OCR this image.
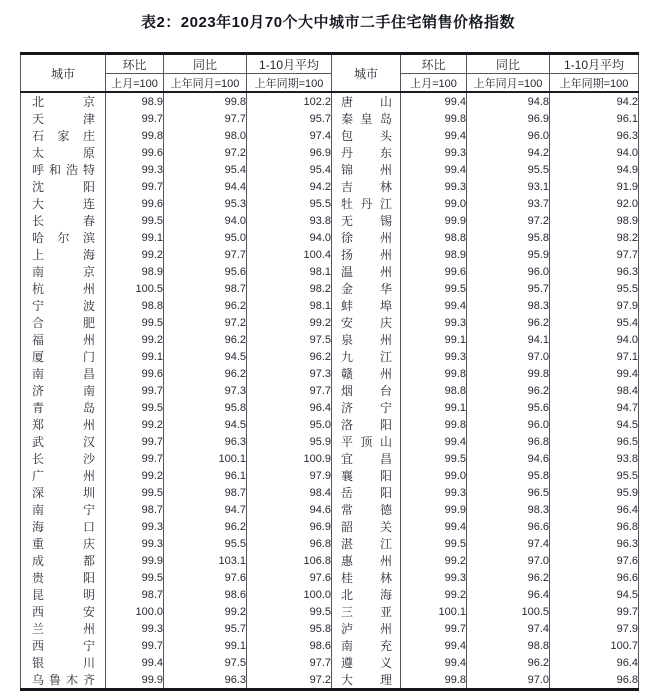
表2：2023年10月70个大中城市二手住宅销售价格指数
城市	环比	同比	1-10月平均	城市	环比	同比	1-10月平均
	上月=100	上年同月=100	上年同期=100		上月=100	上年同月=100	上年同期=100

北京	98.9	99.8	102.2	唐山	99.4	94.8	94.2

天津	99.7	97.7	95.7	秦皇岛	99.8	96.9	96.1

石家庄	99.8	98.0	97.4	包头	99.4	96.0	96.3

太原	99.6	97.2	96.9	丹东	99.3	94.2	94.0

呼和浩特	99.3	95.4	95.4	锦州	99.4	95.5	94.9

沈阳	99.7	94.4	94.2	吉林	99.3	93.1	91.9

大连	99.6	95.3	95.5	牡丹江	99.0	93.7	92.0

长春	99.5	94.0	93.8	无锡	99.9	97.2	98.9

哈尔滨	99.1	95.0	94.0	徐州	98.8	95.8	98.2

上海	99.2	97.7	100.4	扬州	98.9	95.9	97.7

南京	98.9	95.6	98.1	温州	99.6	96.0	96.3

杭州	100.5	98.7	98.2	金华	99.5	95.7	95.5

宁波	98.8	96.2	98.1	蚌埠	99.4	98.3	97.9

合肥	99.5	97.2	99.2	安庆	99.3	96.2	95.4

福州	99.2	96.2	97.5	泉州	99.1	94.1	94.0

厦门	99.1	94.5	96.2	九江	99.3	97.0	97.1

南昌	99.6	96.2	97.3	赣州	99.8	99.8	99.4

济南	99.7	97.3	97.7	烟台	98.8	96.2	98.4

青岛	99.5	95.8	96.4	济宁	99.1	95.6	94.7

郑州	99.2	94.5	95.0	洛阳	99.8	96.0	94.5

武汉	99.7	96.3	95.9	平顶山	99.4	96.8	96.5

长沙	99.7	100.1	100.9	宜昌	99.5	94.6	93.8

广州	99.2	96.1	97.9	襄阳	99.0	95.8	95.5

深圳	99.5	98.7	98.4	岳阳	99.3	96.5	95.9

南宁	98.7	94.7	94.6	常德	99.9	98.3	96.4

海口	99.3	96.2	96.9	韶关	99.4	96.6	96.8

重庆	99.3	95.5	96.8	湛江	99.5	97.4	96.3

成都	99.9	103.1	106.8	惠州	99.2	97.0	97.6

贵阳	99.5	97.6	97.6	桂林	99.3	96.2	96.6

昆明	98.7	98.6	100.0	北海	99.2	96.4	94.5

西安	100.0	99.2	99.5	三亚	100.1	100.5	99.7

兰州	99.3	95.7	95.8	泸州	99.7	97.4	97.9

西宁	99.7	99.1	98.6	南充	99.4	98.8	100.7

银川	99.4	97.5	97.7	遵义	99.4	96.2	96.4

乌鲁木齐	99.9	96.3	97.2	大理	99.8	97.0	96.8
